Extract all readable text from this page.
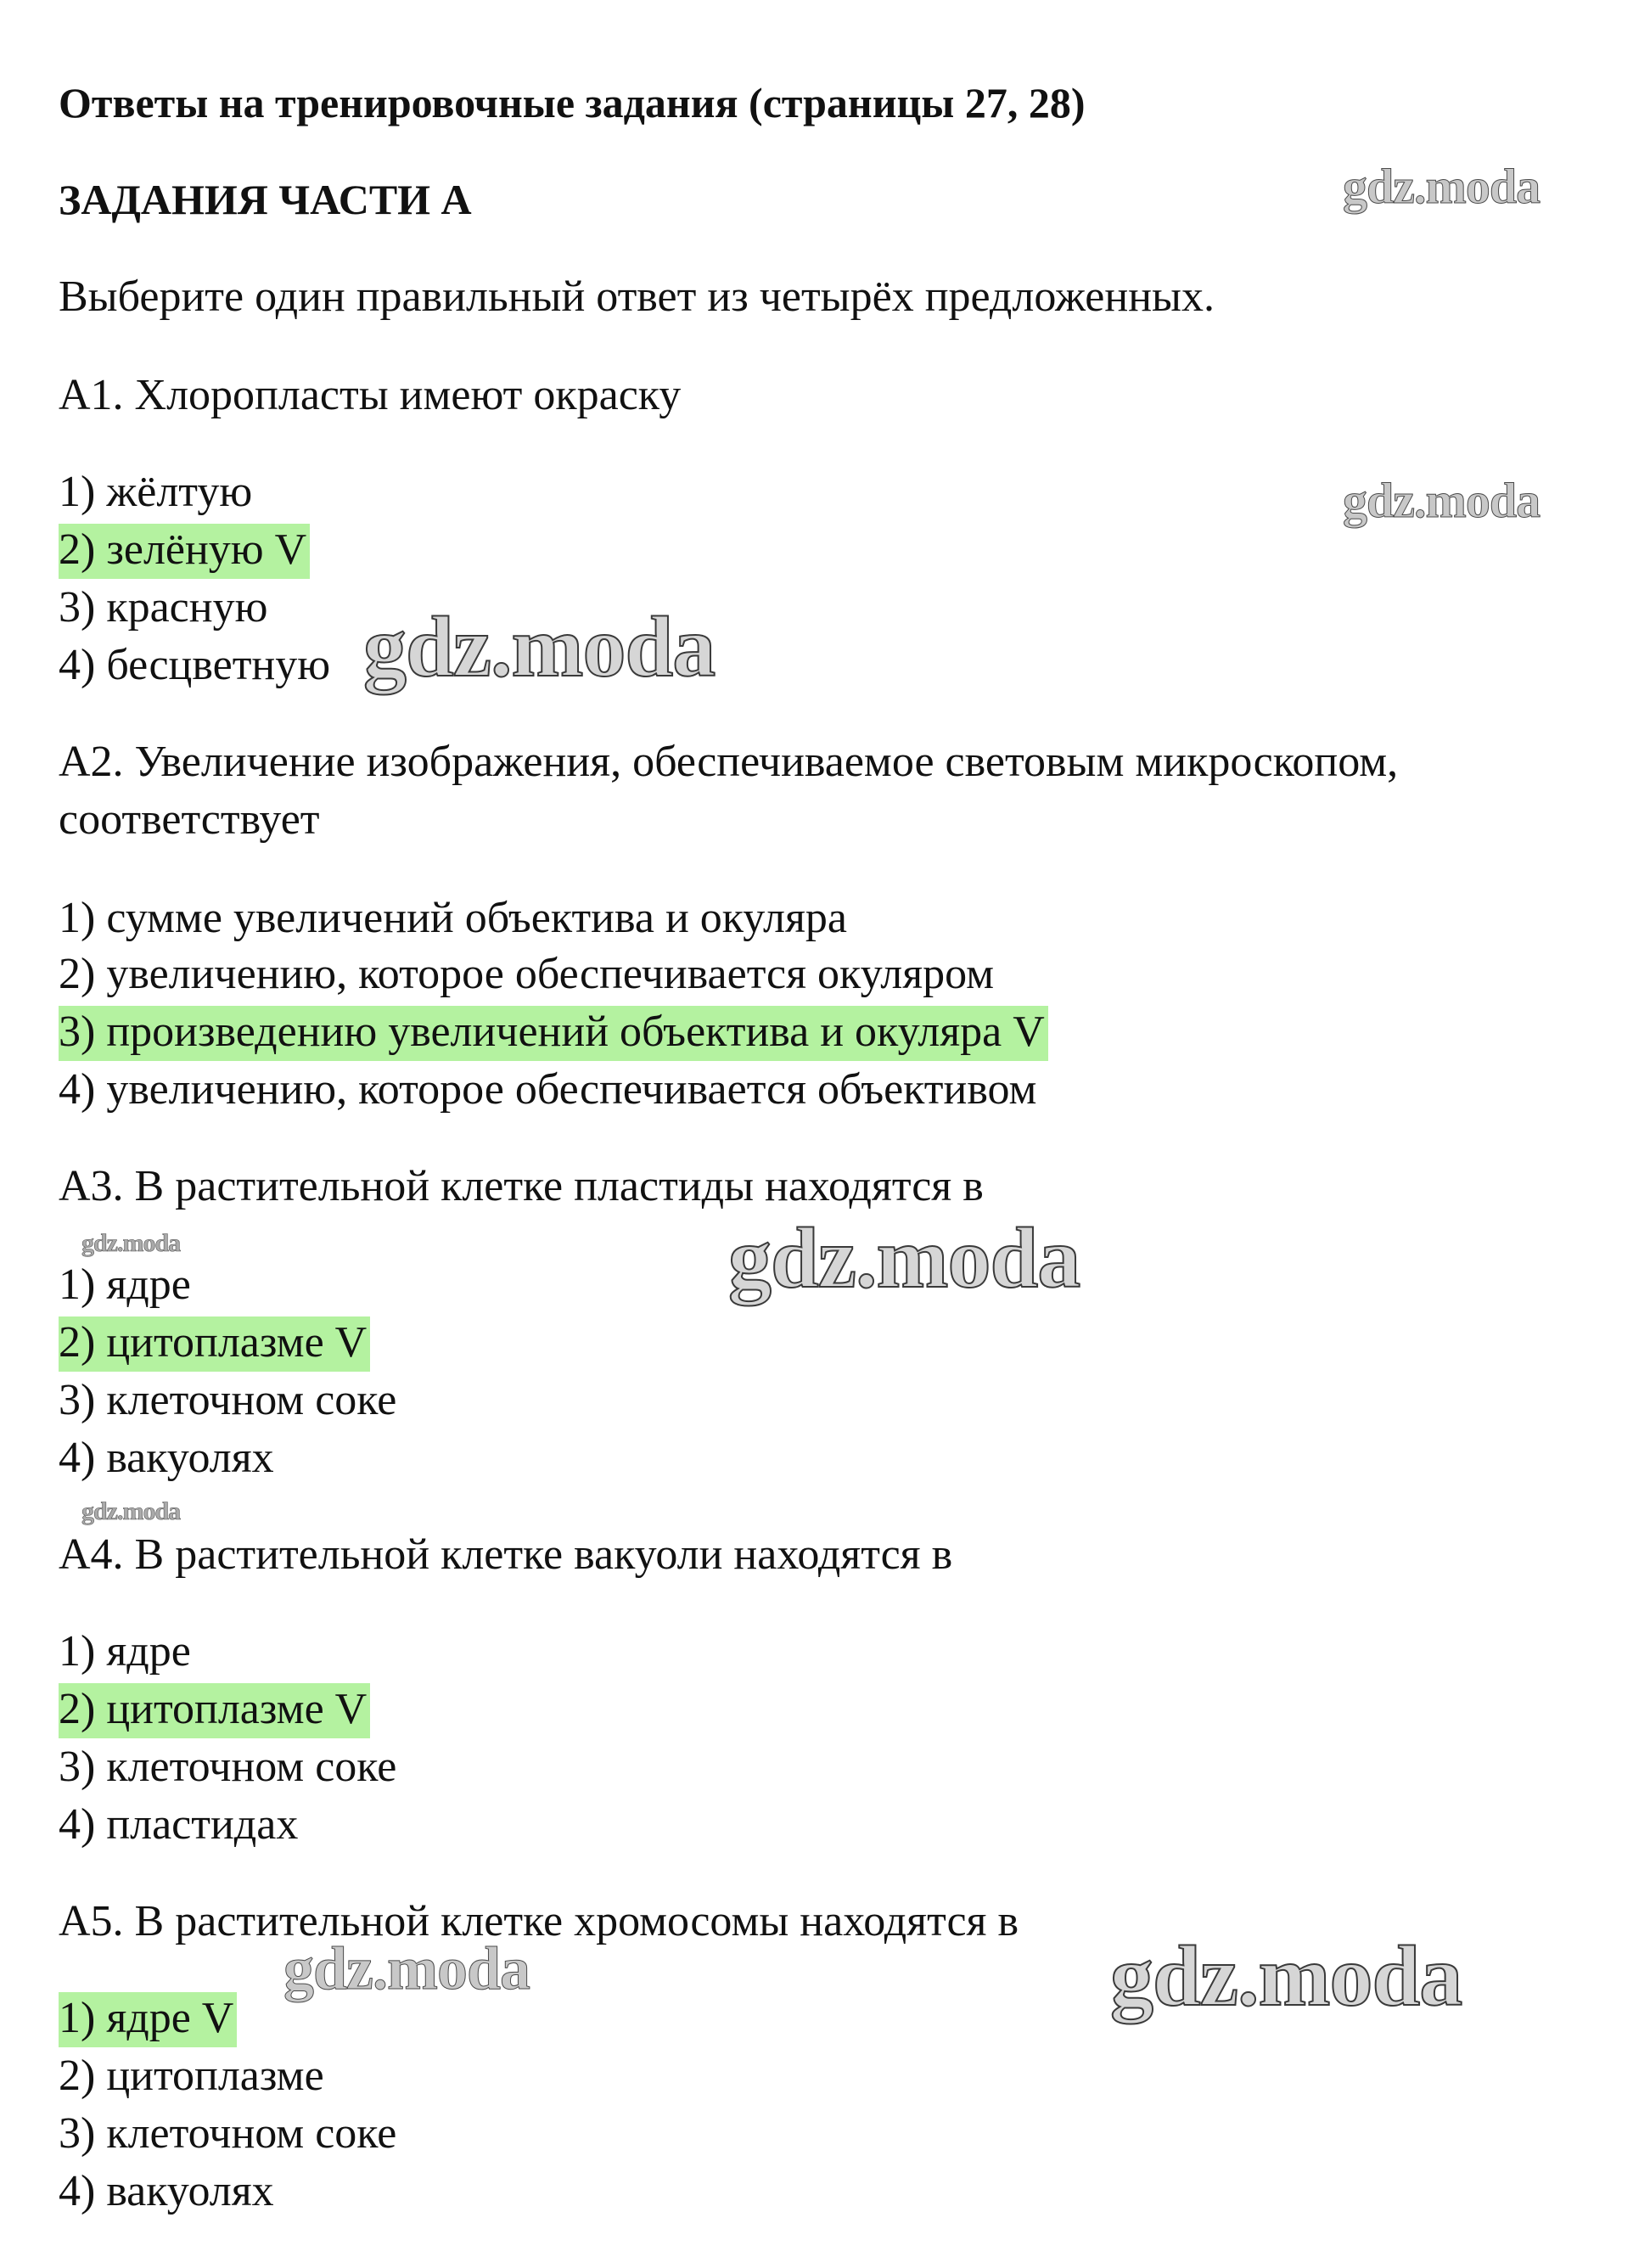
Ответы на тренировочные задания (страницы 27, 28)
ЗАДАНИЯ ЧАСТИ А
Выберите один правильный ответ из четырёх предложенных.
А1. Хлоропласты имеют окраску
1) жёлтую
2) зелёную V
3) красную
4) бесцветную
А2. Увеличение изображения, обеспечиваемое световым микроскопом,
соответствует
1) сумме увеличений объектива и окуляра
2) увеличению, которое обеспечивается окуляром
3) произведению увеличений объектива и окуляра V
4) увеличению, которое обеспечивается объективом
А3. В растительной клетке пластиды находятся в
1) ядре
2) цитоплазме V
3) клеточном соке
4) вакуолях
А4. В растительной клетке вакуоли находятся в
1) ядре
2) цитоплазме V
3) клеточном соке
4) пластидах
А5. В растительной клетке хромосомы находятся в
1) ядре V
2) цитоплазме
3) клеточном соке
4) вакуолях
gdz.moda
gdz.moda
gdz.moda
gdz.moda	gdz.moda
gdz.moda
gdz.moda	gdz.moda
